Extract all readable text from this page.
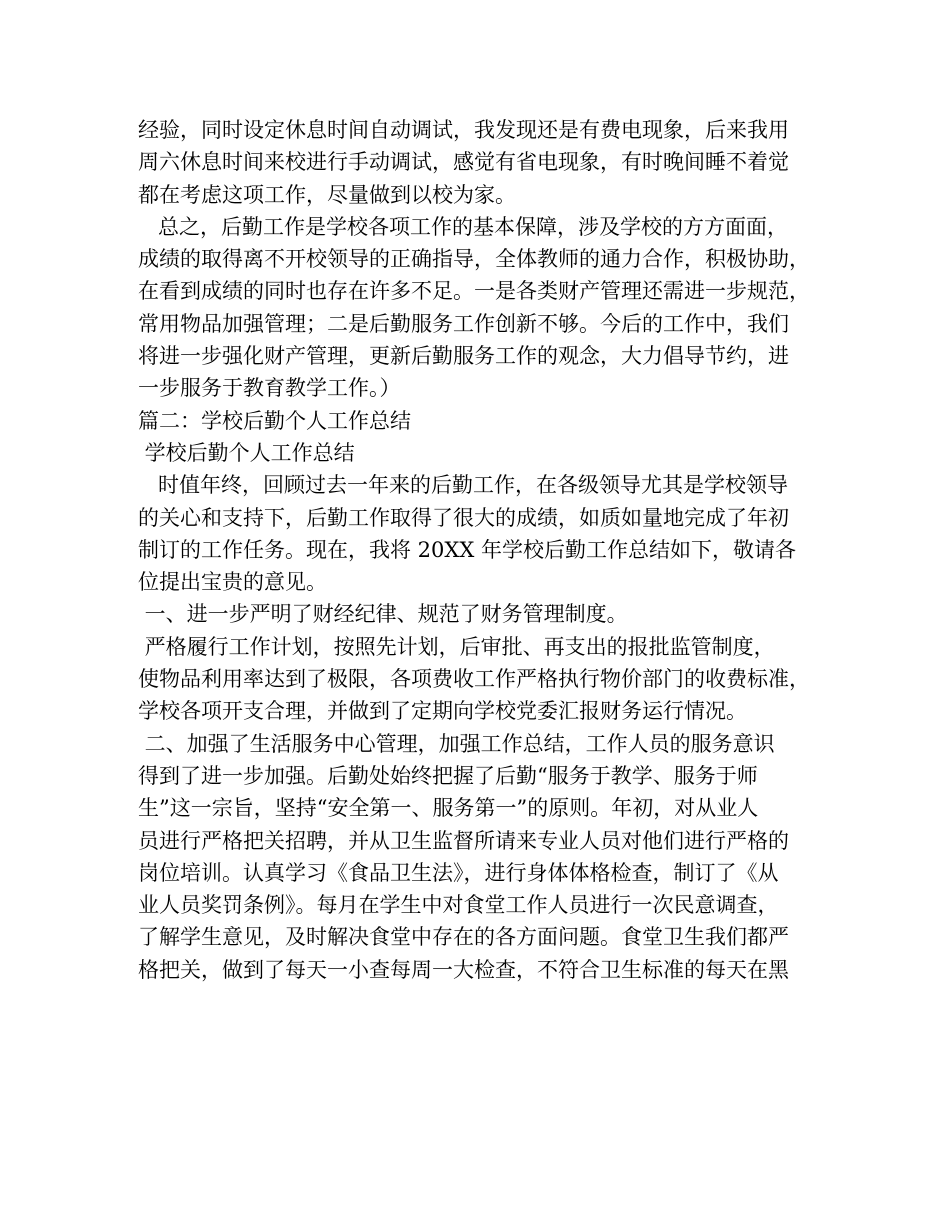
经验，同时设定休息时间自动调试，我发现还是有费电现象，后来我用
周六休息时间来校进行手动调试，感觉有省电现象，有时晚间睡不着觉
都在考虑这项工作，尽量做到以校为家。
总之，后勤工作是学校各项工作的基本保障，涉及学校的方方面面，
成绩的取得离不开校领导的正确指导，全体教师的通力合作，积极协助，
在看到成绩的同时也存在许多不足。一是各类财产管理还需进一步规范，
常用物品加强管理；二是后勤服务工作创新不够。今后的工作中，我们
将进一步强化财产管理，更新后勤服务工作的观念，大力倡导节约，进
一步服务于教育教学工作。）
篇二：学校后勤个人工作总结
学校后勤个人工作总结
时值年终，回顾过去一年来的后勤工作，在各级领导尤其是学校领导
的关心和支持下，后勤工作取得了很大的成绩，如质如量地完成了年初
制订的工作任务。现在，我将 20XX 年学校后勤工作总结如下，敬请各
位提出宝贵的意见。
一、进一步严明了财经纪律、规范了财务管理制度。
严格履行工作计划，按照先计划，后审批、再支出的报批监管制度，
使物品利用率达到了极限，各项费收工作严格执行物价部门的收费标准，
学校各项开支合理，并做到了定期向学校党委汇报财务运行情况。
二、加强了生活服务中心管理，加强工作总结，工作人员的服务意识
得到了进一步加强。后勤处始终把握了后勤“服务于教学、服务于师
生”这一宗旨，坚持“安全第一、服务第一”的原则。年初，对从业人
员进行严格把关招聘，并从卫生监督所请来专业人员对他们进行严格的
岗位培训。认真学习《食品卫生法》，进行身体体格检查，制订了《从
业人员奖罚条例》。每月在学生中对食堂工作人员进行一次民意调查，
了解学生意见，及时解决食堂中存在的各方面问题。食堂卫生我们都严
格把关，做到了每天一小查每周一大检查，不符合卫生标准的每天在黑
